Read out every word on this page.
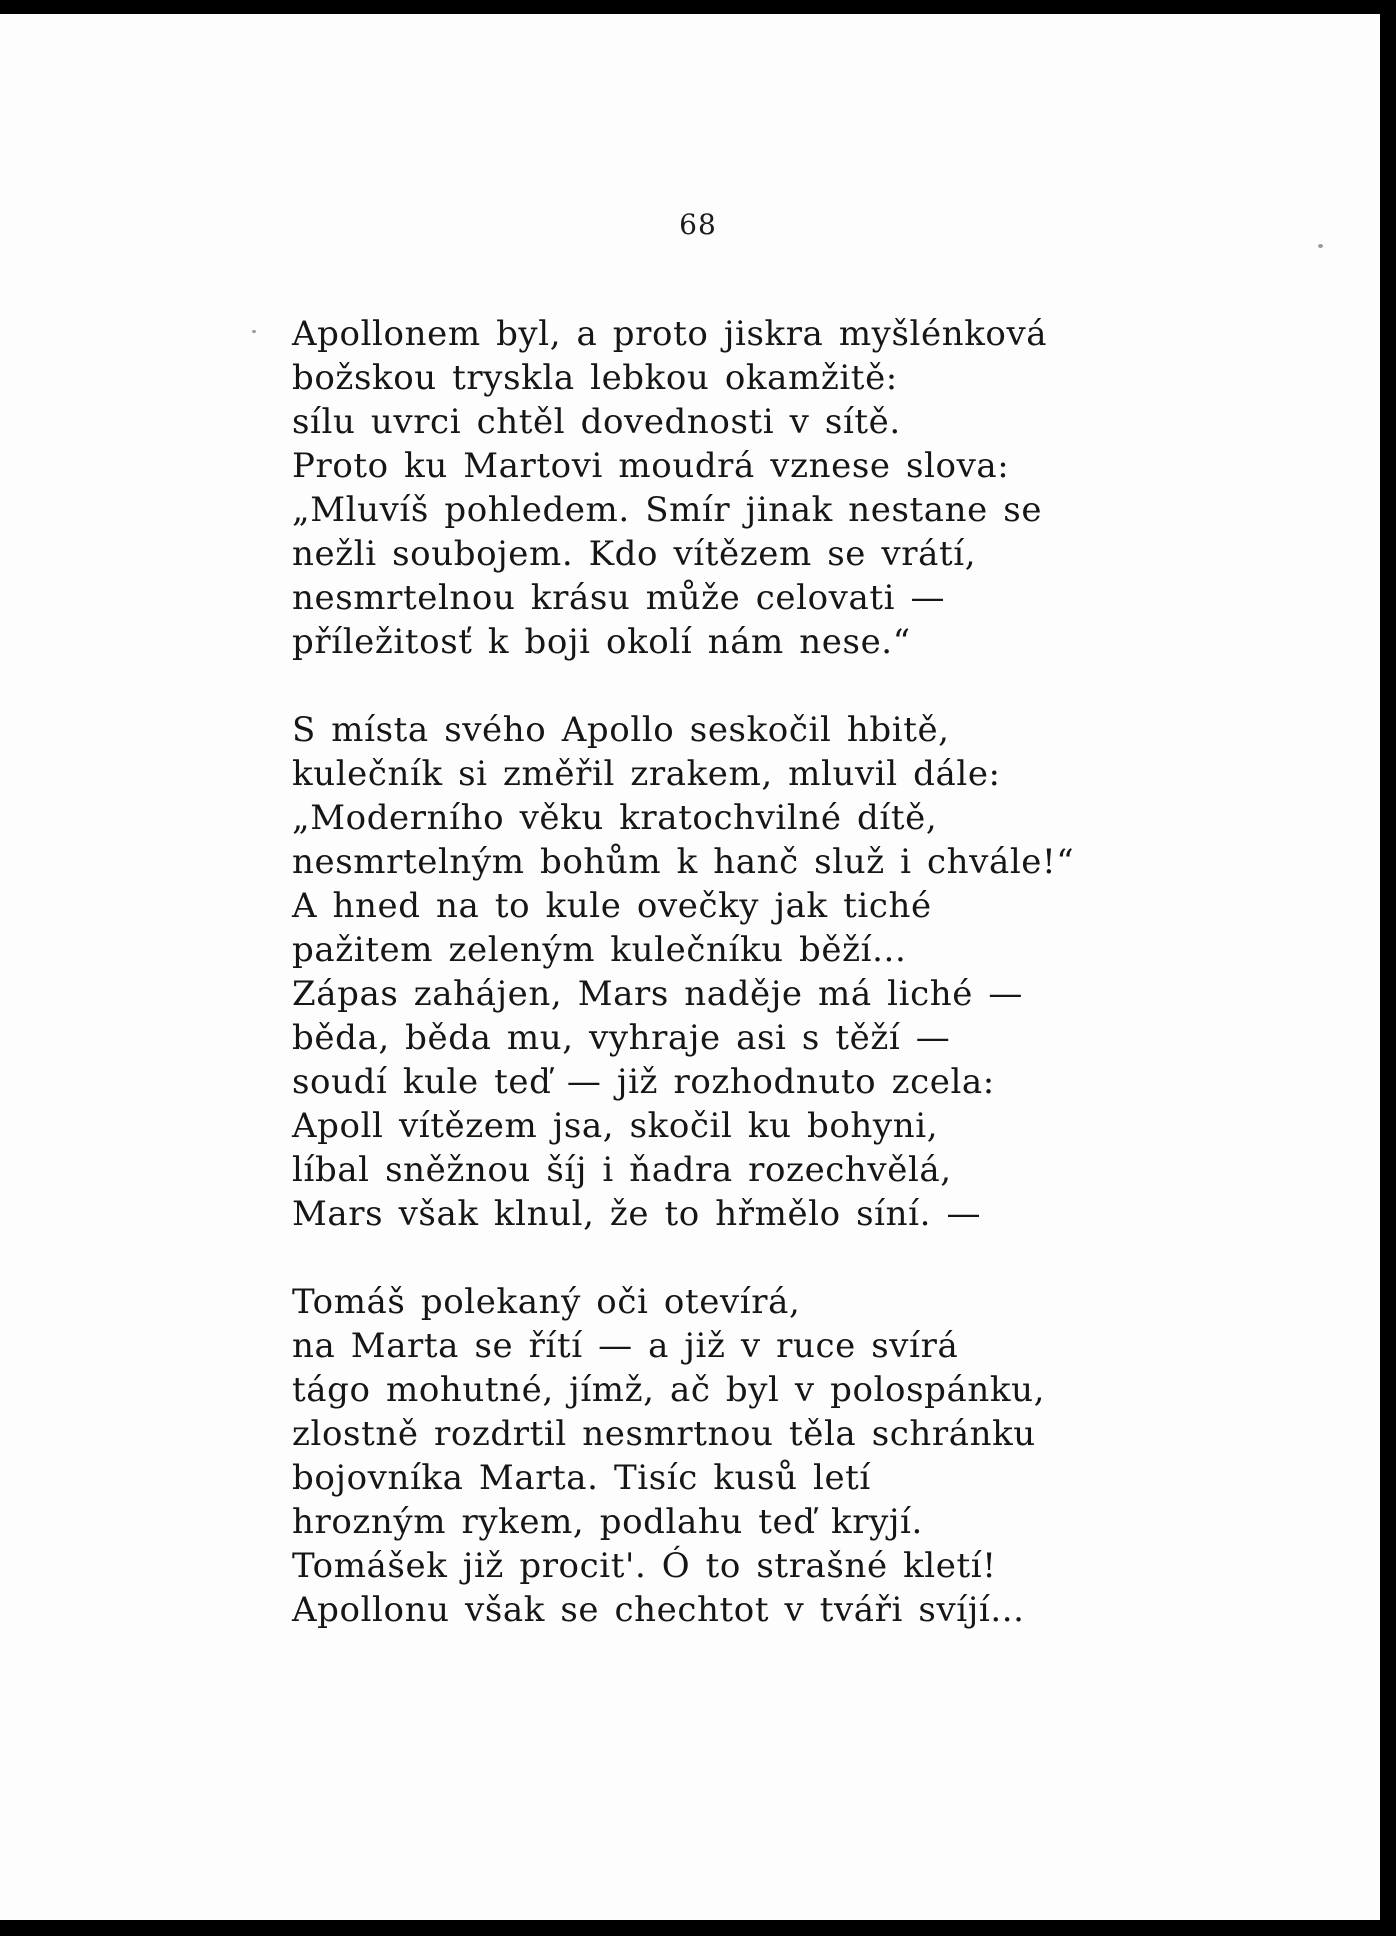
68
Apollonem byl, a proto jiskra myšlénková
božskou tryskla lebkou okamžitě:
sílu uvrci chtěl dovednosti v sítě.
Proto ku Martovi moudrá vznese slova:
„Mluvíš pohledem. Smír jinak nestane se
nežli soubojem. Kdo vítězem se vrátí,
nesmrtelnou krásu může celovati —
příležitosť k boji okolí nám nese.“
S místa svého Apollo seskočil hbitě,
kulečník si změřil zrakem, mluvil dále:
„Moderního věku kratochvilné dítě,
nesmrtelným bohům k hanč služ i chvále!“
A hned na to kule ovečky jak tiché
pažitem zeleným kulečníku běží...
Zápas zahájen, Mars naděje má liché —
běda, běda mu, vyhraje asi s těží —
soudí kule teď — již rozhodnuto zcela:
Apoll vítězem jsa, skočil ku bohyni,
líbal sněžnou šíj i ňadra rozechvělá,
Mars však klnul, že to hřmělo síní. —
Tomáš polekaný oči otevírá,
na Marta se řítí — a již v ruce svírá
tágo mohutné, jímž, ač byl v polospánku,
zlostně rozdrtil nesmrtnou těla schránku
bojovníka Marta. Tisíc kusů letí
hrozným rykem, podlahu teď kryjí.
Tomášek již procit'. Ó to strašné kletí!
Apollonu však se chechtot v tváři svíjí...
